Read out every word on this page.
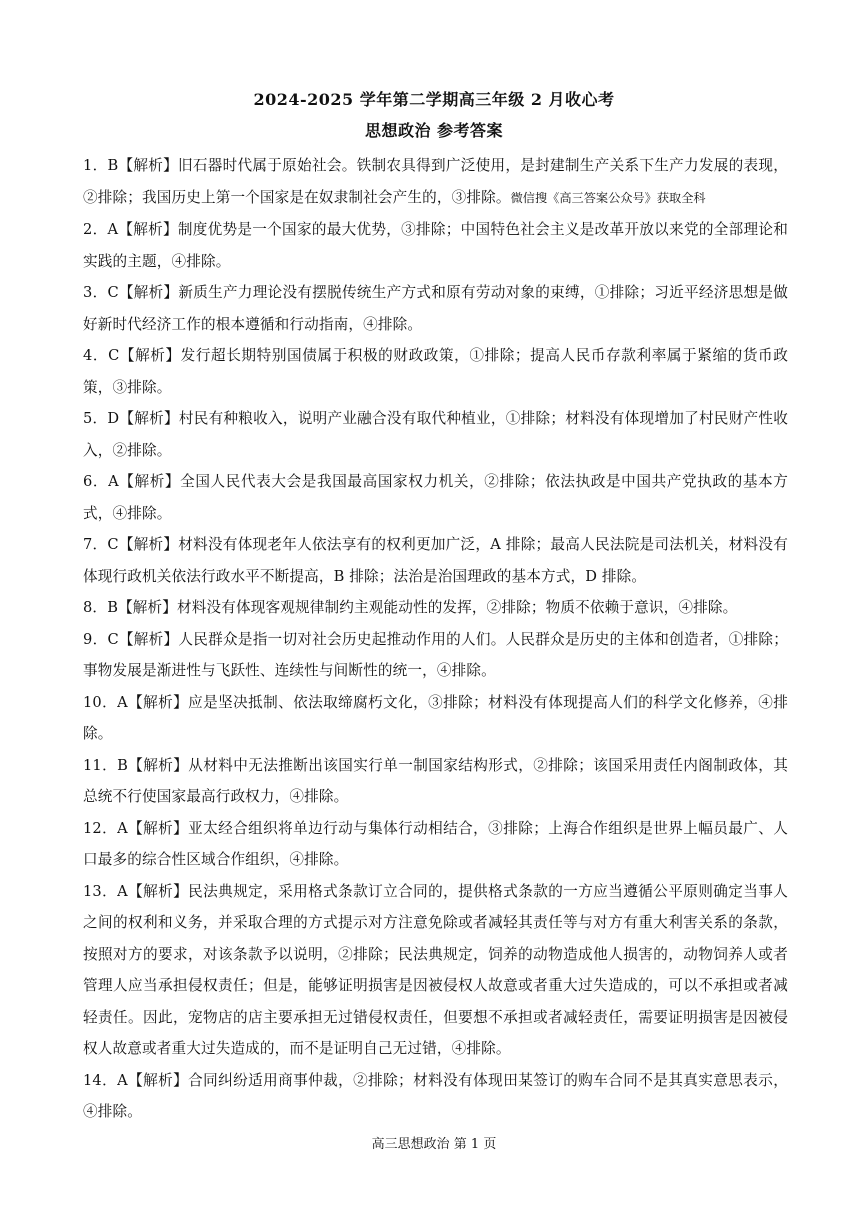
2024-2025 学年第二学期高三年级 2 月收心考
思想政治 参考答案

1．B【解析】旧石器时代属于原始社会。铁制农具得到广泛使用，是封建制生产关系下生产力发展的表现，②排除；我国历史上第一个国家是在奴隶制社会产生的，③排除。微信搜《高三答案公众号》获取全科

2．A【解析】制度优势是一个国家的最大优势，③排除；中国特色社会主义是改革开放以来党的全部理论和实践的主题，④排除。

3．C【解析】新质生产力理论没有摆脱传统生产方式和原有劳动对象的束缚，①排除；习近平经济思想是做好新时代经济工作的根本遵循和行动指南，④排除。

4．C【解析】发行超长期特别国债属于积极的财政政策，①排除；提高人民币存款利率属于紧缩的货币政策，③排除。

5．D【解析】村民有种粮收入，说明产业融合没有取代种植业，①排除；材料没有体现增加了村民财产性收入，②排除。

6．A【解析】全国人民代表大会是我国最高国家权力机关，②排除；依法执政是中国共产党执政的基本方式，④排除。

7．C【解析】材料没有体现老年人依法享有的权利更加广泛，A 排除；最高人民法院是司法机关，材料没有体现行政机关依法行政水平不断提高，B 排除；法治是治国理政的基本方式，D 排除。

8．B【解析】材料没有体现客观规律制约主观能动性的发挥，②排除；物质不依赖于意识，④排除。

9．C【解析】人民群众是指一切对社会历史起推动作用的人们。人民群众是历史的主体和创造者，①排除；事物发展是渐进性与飞跃性、连续性与间断性的统一，④排除。

10．A【解析】应是坚决抵制、依法取缔腐朽文化，③排除；材料没有体现提高人们的科学文化修养，④排除。

11．B【解析】从材料中无法推断出该国实行单一制国家结构形式，②排除；该国采用责任内阁制政体，其总统不行使国家最高行政权力，④排除。

12．A【解析】亚太经合组织将单边行动与集体行动相结合，③排除；上海合作组织是世界上幅员最广、人口最多的综合性区域合作组织，④排除。

13．A【解析】民法典规定，采用格式条款订立合同的，提供格式条款的一方应当遵循公平原则确定当事人之间的权利和义务，并采取合理的方式提示对方注意免除或者减轻其责任等与对方有重大利害关系的条款，按照对方的要求，对该条款予以说明，②排除；民法典规定，饲养的动物造成他人损害的，动物饲养人或者管理人应当承担侵权责任；但是，能够证明损害是因被侵权人故意或者重大过失造成的，可以不承担或者减轻责任。因此，宠物店的店主要承担无过错侵权责任，但要想不承担或者减轻责任，需要证明损害是因被侵权人故意或者重大过失造成的，而不是证明自己无过错，④排除。

14．A【解析】合同纠纷适用商事仲裁，②排除；材料没有体现田某签订的购车合同不是其真实意思表示，④排除。

高三思想政治 第 1 页
